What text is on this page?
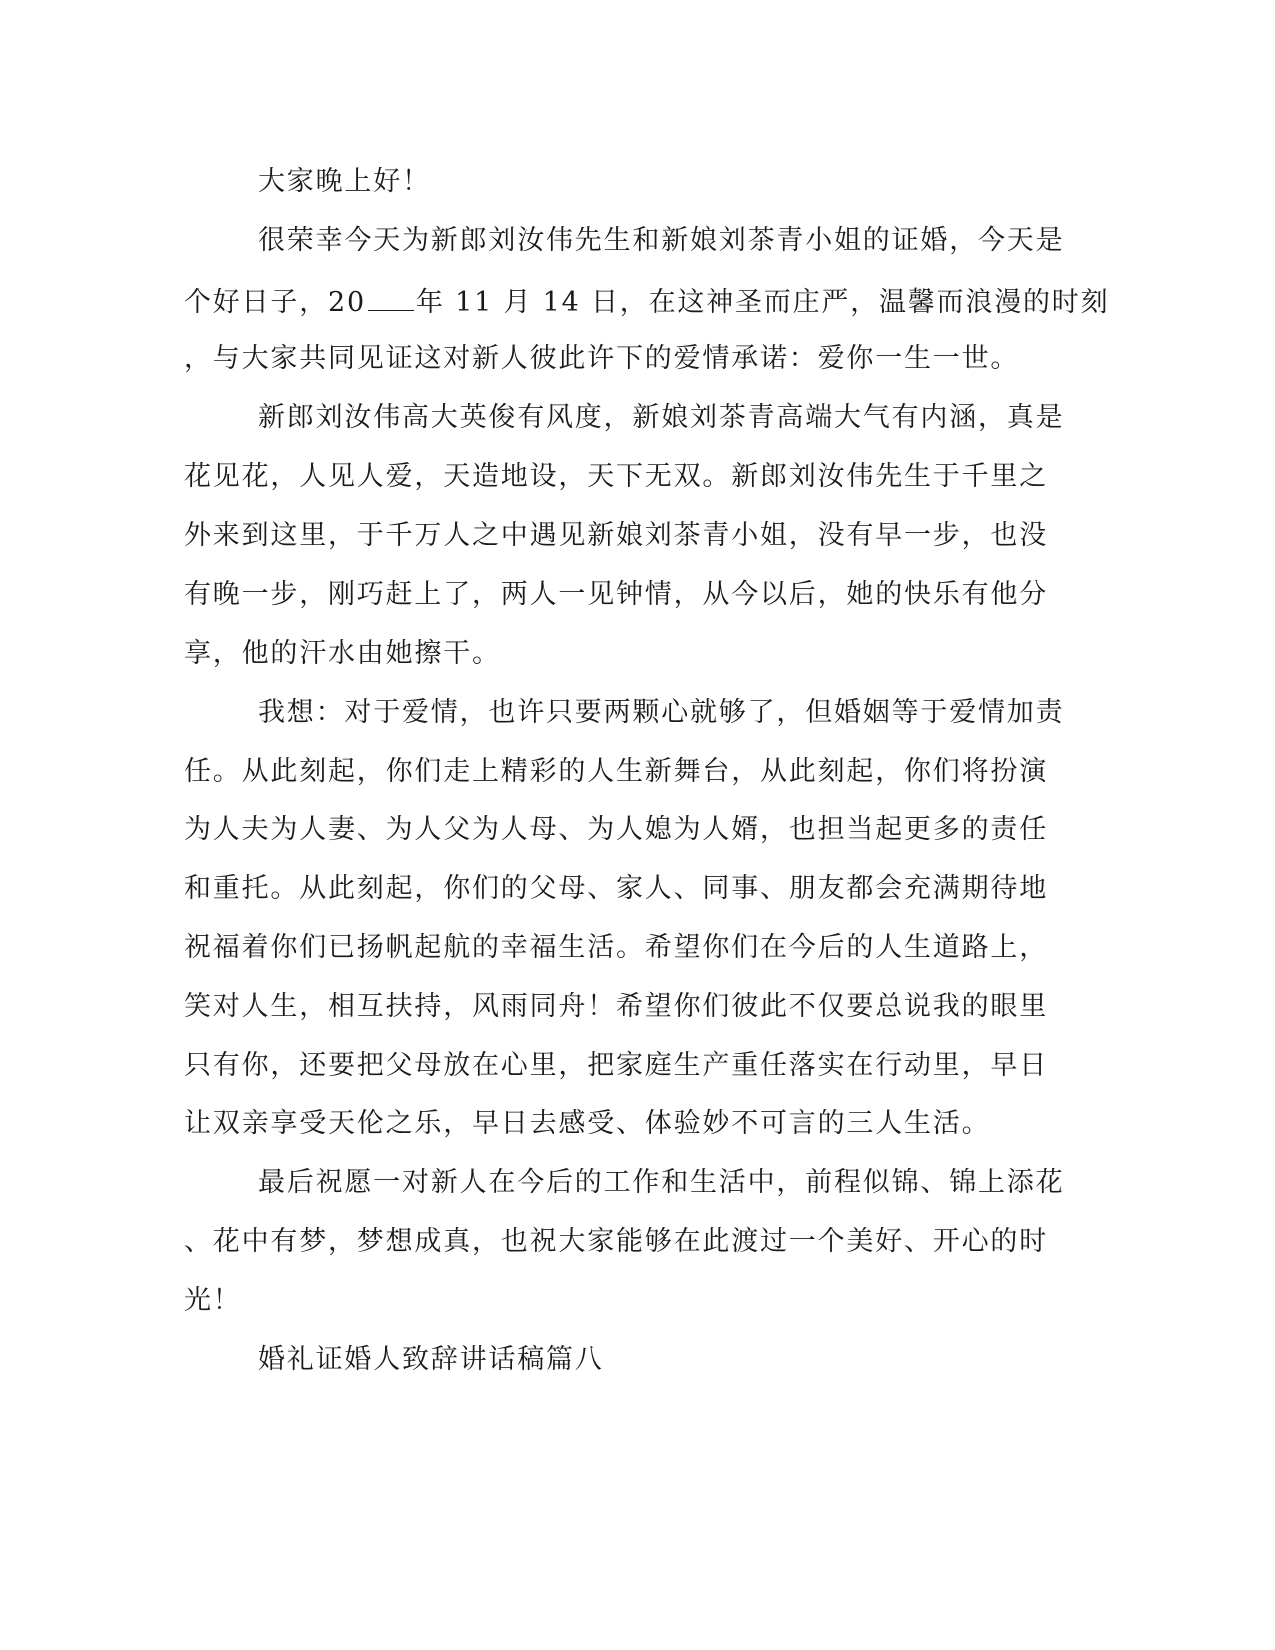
大家晚上好！
很荣幸今天为新郎刘汝伟先生和新娘刘茶青小姐的证婚，今天是
个好日子，20 年 11 月 14 日，在这神圣而庄严，温馨而浪漫的时刻
，与大家共同见证这对新人彼此许下的爱情承诺：爱你一生一世。
新郎刘汝伟高大英俊有风度，新娘刘茶青高端大气有内涵，真是
花见花，人见人爱，天造地设，天下无双。新郎刘汝伟先生于千里之
外来到这里，于千万人之中遇见新娘刘茶青小姐，没有早一步，也没
有晚一步，刚巧赶上了，两人一见钟情，从今以后，她的快乐有他分
享，他的汗水由她擦干。
我想：对于爱情，也许只要两颗心就够了，但婚姻等于爱情加责
任。从此刻起，你们走上精彩的人生新舞台，从此刻起，你们将扮演
为人夫为人妻、为人父为人母、为人媳为人婿，也担当起更多的责任
和重托。从此刻起，你们的父母、家人、同事、朋友都会充满期待地
祝福着你们已扬帆起航的幸福生活。希望你们在今后的人生道路上，
笑对人生，相互扶持，风雨同舟！希望你们彼此不仅要总说我的眼里
只有你，还要把父母放在心里，把家庭生产重任落实在行动里，早日
让双亲享受天伦之乐，早日去感受、体验妙不可言的三人生活。
最后祝愿一对新人在今后的工作和生活中，前程似锦、锦上添花
、花中有梦，梦想成真，也祝大家能够在此渡过一个美好、开心的时
光！
婚礼证婚人致辞讲话稿篇八
